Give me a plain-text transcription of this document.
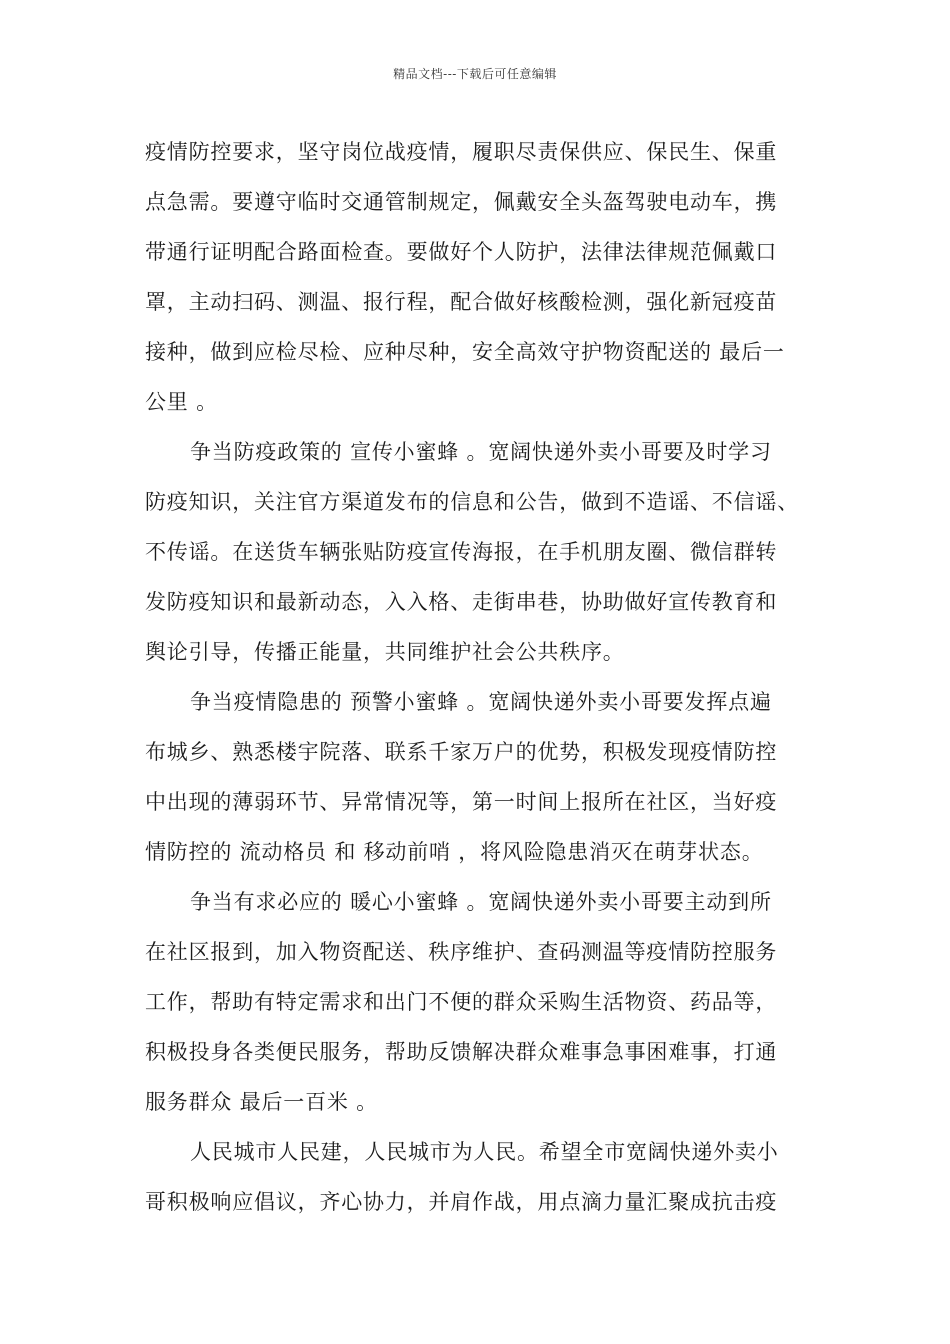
精品文档---下载后可任意编辑
疫情防控要求，坚守岗位战疫情，履职尽责保供应、保民生、保重
点急需。要遵守临时交通管制规定，佩戴安全头盔驾驶电动车，携
带通行证明配合路面检查。要做好个人防护，法律法律规范佩戴口
罩，主动扫码、测温、报行程，配合做好核酸检测，强化新冠疫苗
接种，做到应检尽检、应种尽种，安全高效守护物资配送的 最后一
公里 。
争当防疫政策的 宣传小蜜蜂 。宽阔快递外卖小哥要及时学习
防疫知识，关注官方渠道发布的信息和公告，做到不造谣、不信谣、
不传谣。在送货车辆张贴防疫宣传海报，在手机朋友圈、微信群转
发防疫知识和最新动态，入入格、走街串巷，协助做好宣传教育和
舆论引导，传播正能量，共同维护社会公共秩序。
争当疫情隐患的 预警小蜜蜂 。宽阔快递外卖小哥要发挥点遍
布城乡、熟悉楼宇院落、联系千家万户的优势，积极发现疫情防控
中出现的薄弱环节、异常情况等，第一时间上报所在社区，当好疫
情防控的 流动格员 和 移动前哨 ，将风险隐患消灭在萌芽状态。
争当有求必应的 暖心小蜜蜂 。宽阔快递外卖小哥要主动到所
在社区报到，加入物资配送、秩序维护、查码测温等疫情防控服务
工作，帮助有特定需求和出门不便的群众采购生活物资、药品等，
积极投身各类便民服务，帮助反馈解决群众难事急事困难事，打通
服务群众 最后一百米 。
人民城市人民建，人民城市为人民。希望全市宽阔快递外卖小
哥积极响应倡议，齐心协力，并肩作战，用点滴力量汇聚成抗击疫
